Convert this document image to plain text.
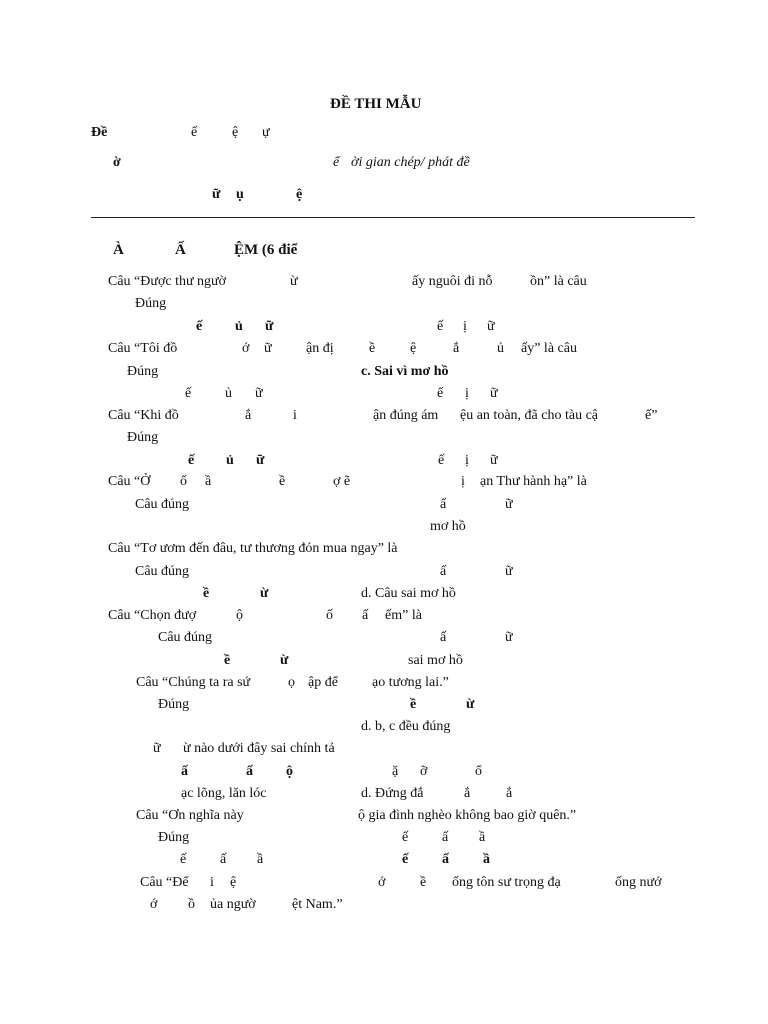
ĐỀ THI MẪU
Đề	ế ệ ự
ờ	ể ời gian chép/ phát đề
ữ ụ	ệ
À	Ấ	ỆM (6 điể
Câu “Được thư ngườ	ừ	ấy nguôi đi nỗ	ồn” là câu
Đúng
ế ủ ữ	ế ị ữ
Câu “Tôi đồ	ớ ữ ận đị	ề ệ	ắ	ủ ấy” là câu
Đúng	c. Sai vì mơ hồ
ế ủ ữ	ế ị ữ
Câu “Khi đồ	ắ	i	ận đúng ám ệu an toàn, đã cho tàu cậ	ế”
Đúng
ế ủ ữ	ế ị ữ
Câu “Ở ố ầ	ề	ợ ẽ	ị ạn Thư hành hạ” là
Câu đúng	ấ	ữ
mơ hồ
Câu “Tơ ươm đến đâu, tư thương đón mua ngay” là
Câu đúng	ấ	ữ
ề	ừ	d. Câu sai mơ hồ
Câu “Chọn đượ	ộ	ố ấ ếm” là
Câu đúng	ấ	ữ
ề	ừ	sai mơ hồ
Câu “Chúng ta ra sứ	ọ ập để ạo tương lai.”
Đúng	ề	ừ
d. b, c đều đúng
ữ ừ nào dưới đây sai chính tả
ấ	ấ ộ	ặ ỡ	ổ
ạc lõng, lăn lóc	d. Đứng đắ	ắ	ắ
Câu “Ơn nghĩa này	ộ gia đình nghèo không bao giờ quên.”
Đúng	ế ấ ầ
ế ấ ầ	ế ấ ầ
Câu “Để i ệ	ớ ề ống tôn sư trọng đạ	ống nướ
ớ ồ ủa ngườ	ệt Nam.”
